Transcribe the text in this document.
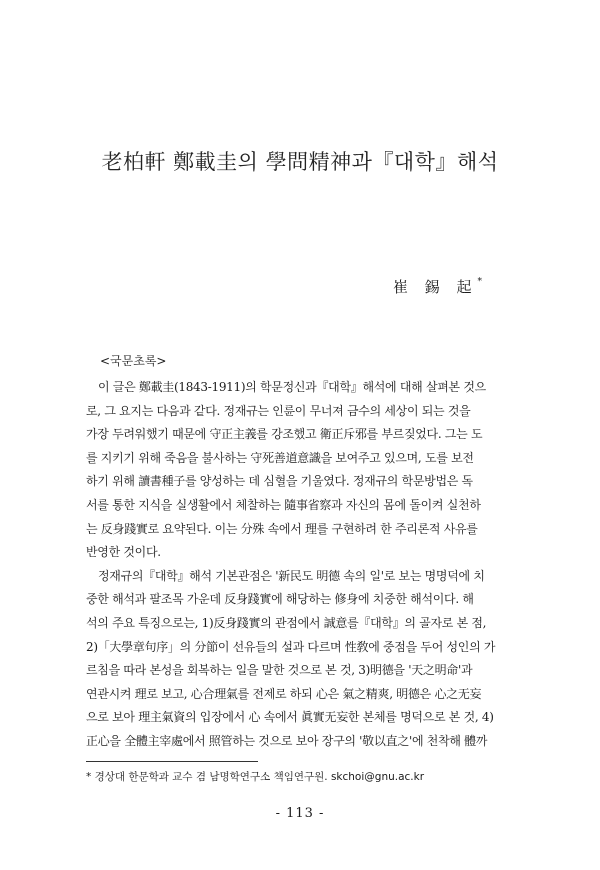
老柏軒 鄭載圭의 學問精神과『대학』해석
崔 錫 起*
<국문초록>
이 글은 鄭載圭(1843-1911)의 학문정신과『대학』해석에 대해 살펴본 것으
로, 그 요지는 다음과 같다. 정재규는 인륜이 무너져 금수의 세상이 되는 것을
가장 두려워했기 때문에 守正主義를 강조했고 衛正斥邪를 부르짖었다. 그는 도
를 지키기 위해 죽음을 불사하는 守死善道意識을 보여주고 있으며, 도를 보전
하기 위해 讀書種子를 양성하는 데 심혈을 기울였다. 정재규의 학문방법은 독
서를 통한 지식을 실생활에서 체찰하는 隨事省察과 자신의 몸에 돌이켜 실천하
는 反身踐實로 요약된다. 이는 分殊 속에서 理를 구현하려 한 주리론적 사유를
반영한 것이다.
정재규의『대학』해석 기본관점은 '新民도 明德 속의 일'로 보는 명명덕에 치
중한 해석과 팔조목 가운데 反身踐實에 해당하는 修身에 치중한 해석이다. 해
석의 주요 특징으로는, 1)反身踐實의 관점에서 誠意를『대학』의 골자로 본 점,
2)「大學章句序」의 分節이 선유들의 설과 다르며 性敎에 중점을 두어 성인의 가
르침을 따라 본성을 회복하는 일을 말한 것으로 본 것, 3)明德을 '天之明命'과
연관시켜 理로 보고, 心合理氣를 전제로 하되 心은 氣之精爽, 明德은 心之无妄
으로 보아 理主氣資의 입장에서 心 속에서 眞實无妄한 본체를 명덕으로 본 것, 4)
正心을 全體主宰處에서 照管하는 것으로 보아 장구의 '敬以直之'에 천착해 體까
* 경상대 한문학과 교수 겸 남명학연구소 책임연구원. skchoi@gnu.ac.kr
- 113 -
